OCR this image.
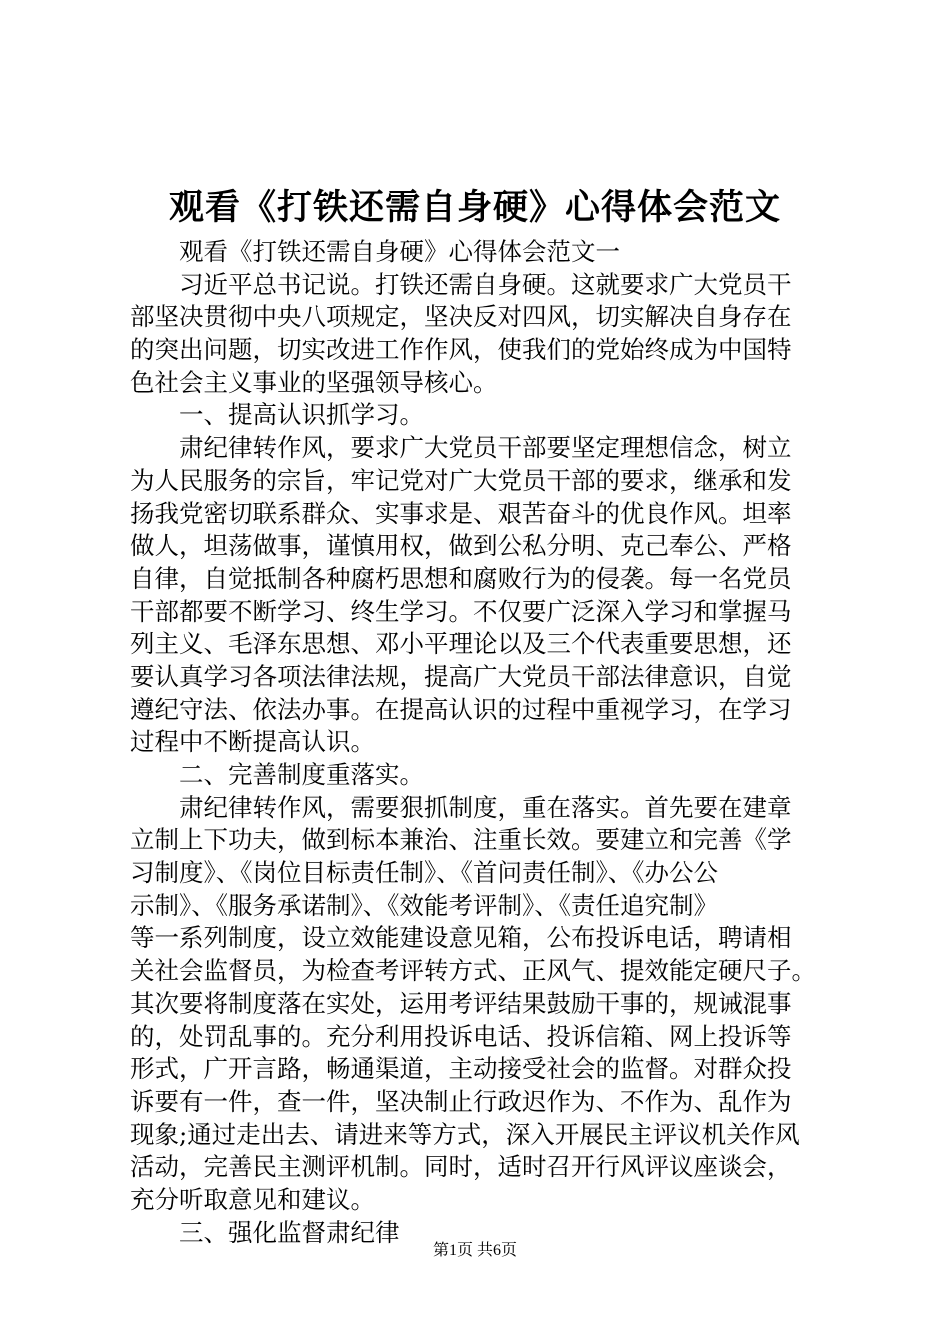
观看《打铁还需自身硬》心得体会范文
观看《打铁还需自身硬》心得体会范文一
习近平总书记说。打铁还需自身硬。这就要求广大党员干
部坚决贯彻中央八项规定，坚决反对四风，切实解决自身存在
的突出问题，切实改进工作作风，使我们的党始终成为中国特
色社会主义事业的坚强领导核心。
一、提高认识抓学习。
肃纪律转作风，要求广大党员干部要坚定理想信念，树立
为人民服务的宗旨，牢记党对广大党员干部的要求，继承和发
扬我党密切联系群众、实事求是、艰苦奋斗的优良作风。坦率
做人，坦荡做事，谨慎用权，做到公私分明、克己奉公、严格
自律，自觉抵制各种腐朽思想和腐败行为的侵袭。每一名党员
干部都要不断学习、终生学习。不仅要广泛深入学习和掌握马
列主义、毛泽东思想、邓小平理论以及三个代表重要思想，还
要认真学习各项法律法规，提高广大党员干部法律意识，自觉
遵纪守法、依法办事。在提高认识的过程中重视学习，在学习
过程中不断提高认识。
二、完善制度重落实。
肃纪律转作风，需要狠抓制度，重在落实。首先要在建章
立制上下功夫，做到标本兼治、注重长效。要建立和完善《学
习制度》、《岗位目标责任制》、《首问责任制》、《办公公
示制》、《服务承诺制》、《效能考评制》、《责任追究制》
等一系列制度，设立效能建设意见箱，公布投诉电话，聘请相
关社会监督员，为检查考评转方式、正风气、提效能定硬尺子。
其次要将制度落在实处，运用考评结果鼓励干事的，规诫混事
的，处罚乱事的。充分利用投诉电话、投诉信箱、网上投诉等
形式，广开言路，畅通渠道，主动接受社会的监督。对群众投
诉要有一件，查一件，坚决制止行政迟作为、不作为、乱作为
现象;通过走出去、请进来等方式，深入开展民主评议机关作风
活动，完善民主测评机制。同时，适时召开行风评议座谈会，
充分听取意见和建议。
三、强化监督肃纪律
第1页 共6页
